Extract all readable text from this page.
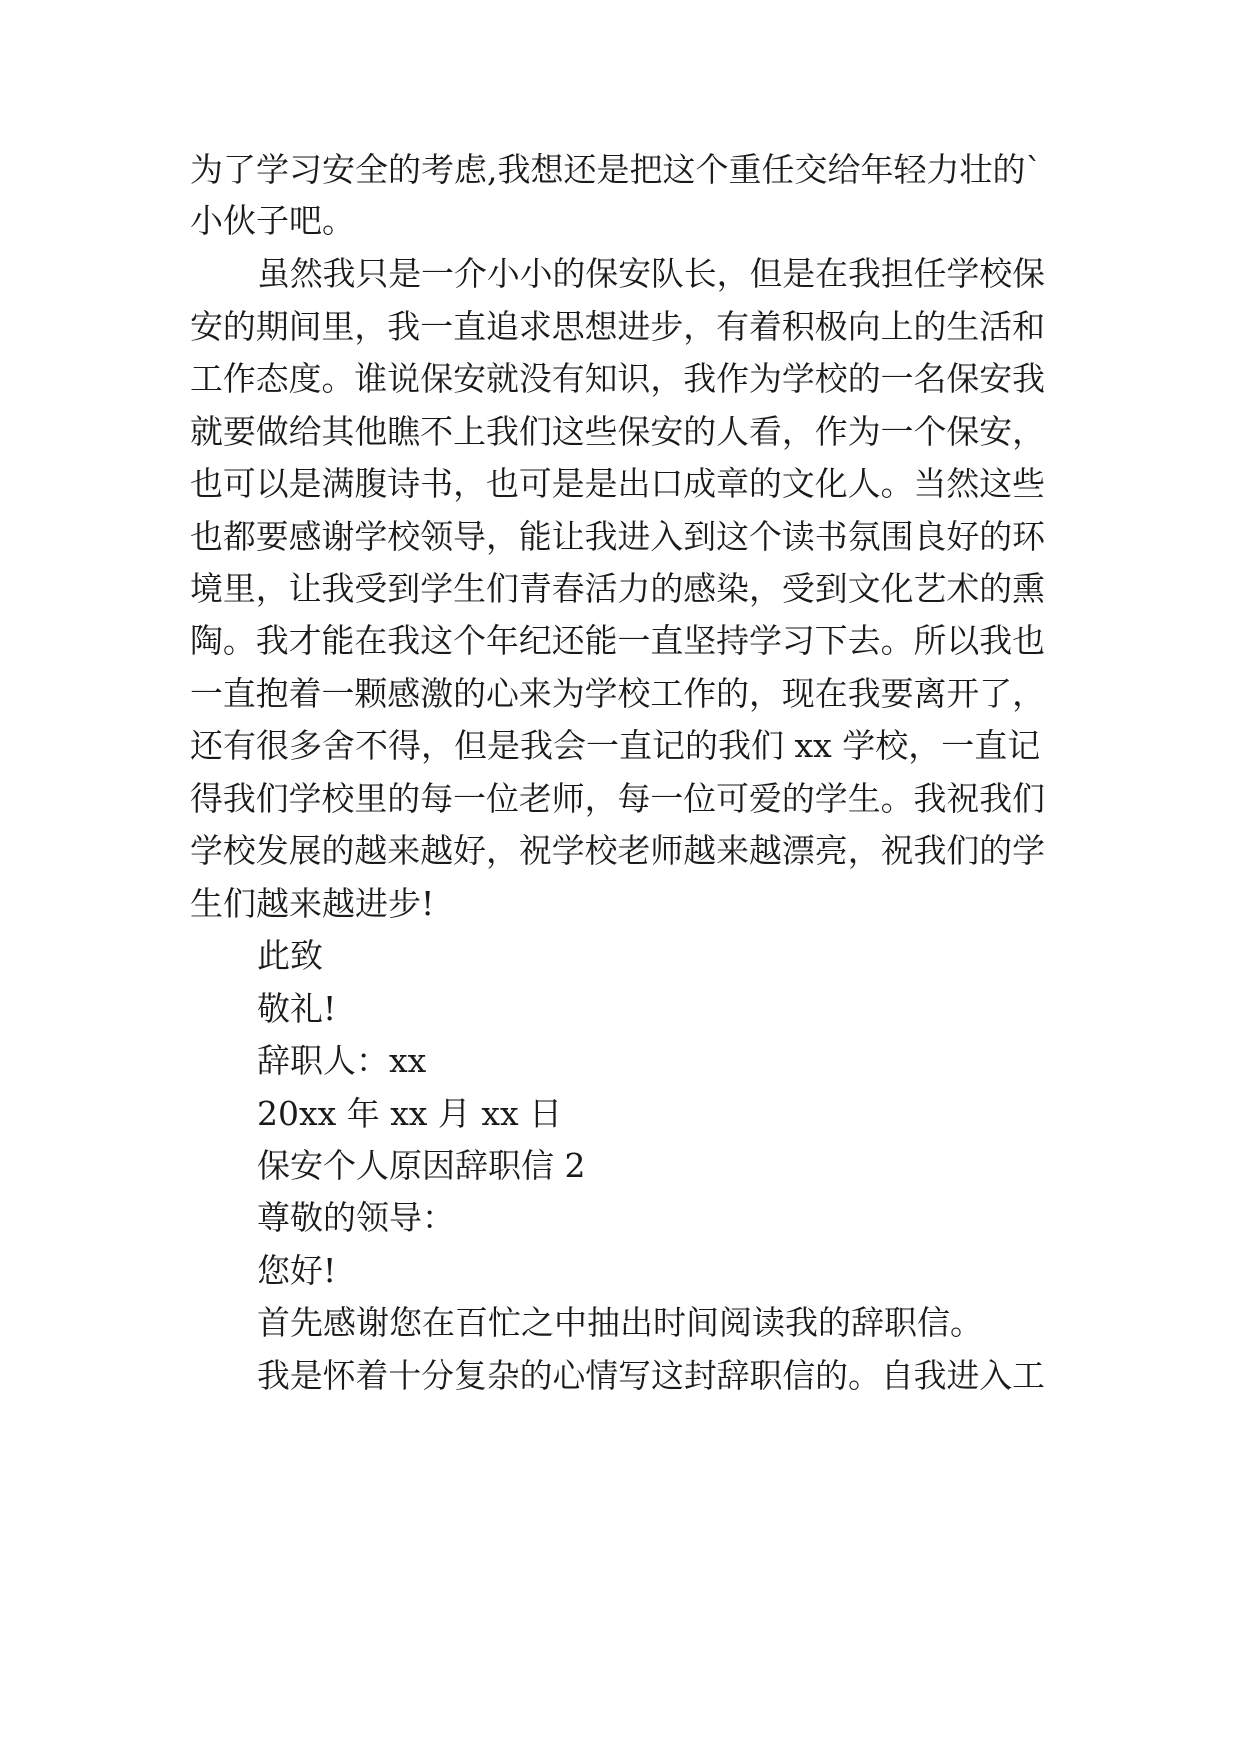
为了学习安全的考虑,我想还是把这个重任交给年轻力壮的`
小伙子吧。
虽然我只是一介小小的保安队长，但是在我担任学校保
安的期间里，我一直追求思想进步，有着积极向上的生活和
工作态度。谁说保安就没有知识，我作为学校的一名保安我
就要做给其他瞧不上我们这些保安的人看，作为一个保安，
也可以是满腹诗书，也可是是出口成章的文化人。当然这些
也都要感谢学校领导，能让我进入到这个读书氛围良好的环
境里，让我受到学生们青春活力的感染，受到文化艺术的熏
陶。我才能在我这个年纪还能一直坚持学习下去。所以我也
一直抱着一颗感激的心来为学校工作的，现在我要离开了，
还有很多舍不得，但是我会一直记的我们 xx 学校，一直记
得我们学校里的每一位老师，每一位可爱的学生。我祝我们
学校发展的越来越好，祝学校老师越来越漂亮，祝我们的学
生们越来越进步!
此致
敬礼!
辞职人：xx
20xx 年 xx 月 xx 日
保安个人原因辞职信 2
尊敬的领导：
您好!
首先感谢您在百忙之中抽出时间阅读我的辞职信。
我是怀着十分复杂的心情写这封辞职信的。自我进入工
